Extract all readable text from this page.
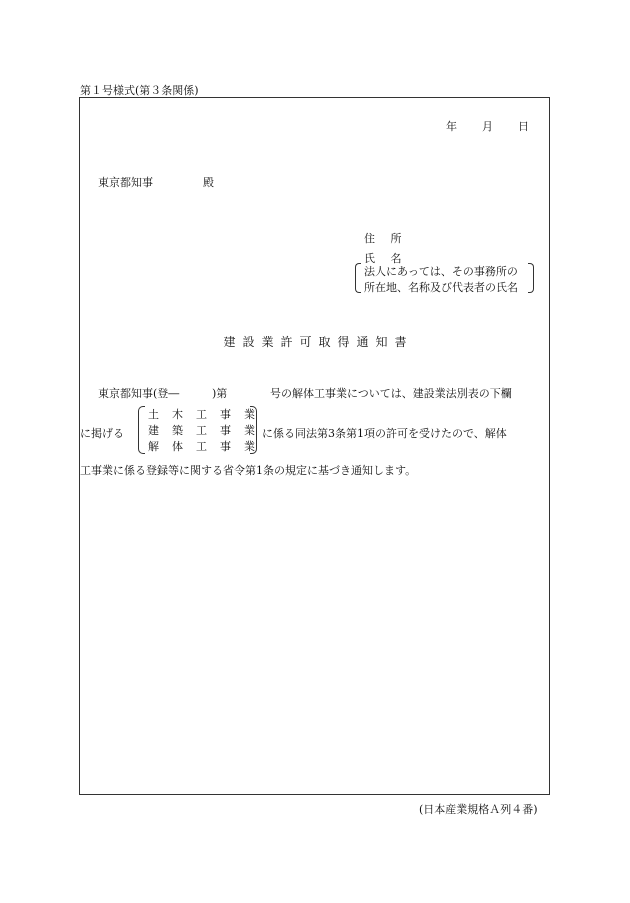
第１号様式(第３条関係)
年 月 日
東京都知事	殿
住 所
氏 名
法人にあっては、その事務所の
所在地、名称及び代表者の氏名
建設業許可取得通知書
東京都知事(登―	)第	号の解体工事業については、建設業法別表の下欄
に掲げる
土木工事業
建築工事業
解体工事業
に係る同法第3条第1項の許可を受けたので、解体
工事業に係る登録等に関する省令第1条の規定に基づき通知します。
(日本産業規格Ａ列４番)
